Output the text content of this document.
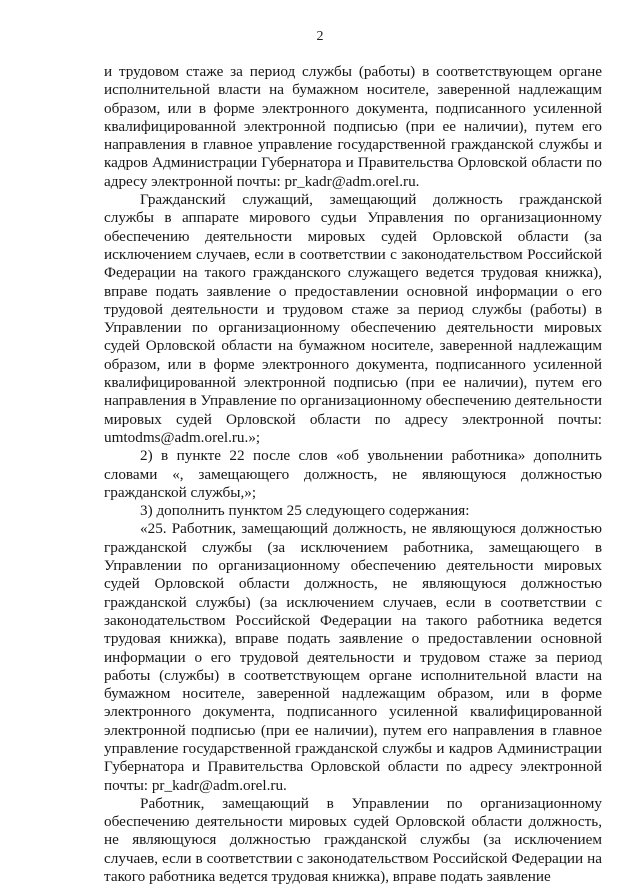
2

и трудовом стаже за период службы (работы) в соответствующем органе исполнительной власти на бумажном носителе, заверенной надлежащим образом, или в форме электронного документа, подписанного усиленной квалифицированной электронной подписью (при ее наличии), путем его направления в главное управление государственной гражданской службы и кадров Администрации Губернатора и Правительства Орловской области по адресу электронной почты: pr_kadr@adm.orel.ru.

Гражданский служащий, замещающий должность гражданской службы в аппарате мирового судьи Управления по организационному обеспечению деятельности мировых судей Орловской области (за исключением случаев, если в соответствии с законодательством Российской Федерации на такого гражданского служащего ведется трудовая книжка), вправе подать заявление о предоставлении основной информации о его трудовой деятельности и трудовом стаже за период службы (работы) в Управлении по организационному обеспечению деятельности мировых судей Орловской области на бумажном носителе, заверенной надлежащим образом, или в форме электронного документа, подписанного усиленной квалифицированной электронной подписью (при ее наличии), путем его направления в Управление по организационному обеспечению деятельности мировых судей Орловской области по адресу электронной почты: umtodms@adm.orel.ru.»;

2) в пункте 22 после слов «об увольнении работника» дополнить словами «, замещающего должность, не являющуюся должностью гражданской службы,»;

3) дополнить пунктом 25 следующего содержания:

«25. Работник, замещающий должность, не являющуюся должностью гражданской службы (за исключением работника, замещающего в Управлении по организационному обеспечению деятельности мировых судей Орловской области должность, не являющуюся должностью гражданской службы) (за исключением случаев, если в соответствии с законодательством Российской Федерации на такого работника ведется трудовая книжка), вправе подать заявление о предоставлении основной информации о его трудовой деятельности и трудовом стаже за период работы (службы) в соответствующем органе исполнительной власти на бумажном носителе, заверенной надлежащим образом, или в форме электронного документа, подписанного усиленной квалифицированной электронной подписью (при ее наличии), путем его направления в главное управление государственной гражданской службы и кадров Администрации Губернатора и Правительства Орловской области по адресу электронной почты: pr_kadr@adm.orel.ru.

Работник, замещающий в Управлении по организационному обеспечению деятельности мировых судей Орловской области должность, не являющуюся должностью гражданской службы (за исключением случаев, если в соответствии с законодательством Российской Федерации на такого работника ведется трудовая книжка), вправе подать заявление
